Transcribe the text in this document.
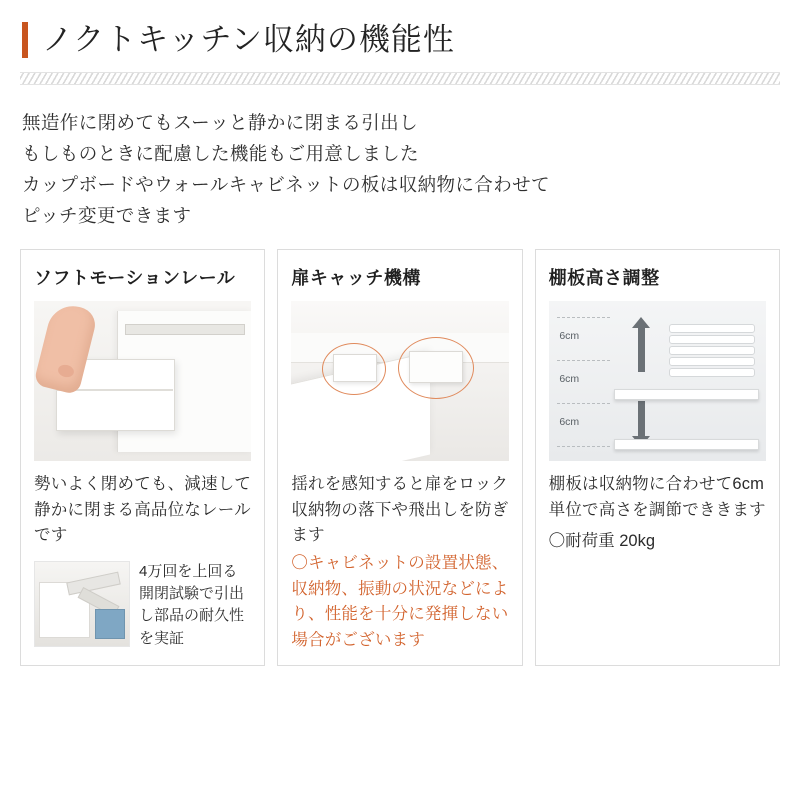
ノクトキッチン収納の機能性
無造作に閉めてもスーッと静かに閉まる引出し
もしものときに配慮した機能もご用意しました
カップボードやウォールキャビネットの板は収納物に合わせて
ピッチ変更できます
ソフトモーションレール
勢いよく閉めても、減速して静かに閉まる高品位なレールです
4万回を上回る開閉試験で引出し部品の耐久性を実証
扉キャッチ機構
揺れを感知すると扉をロック収納物の落下や飛出しを防ぎます
〇キャビネットの設置状態、収納物、振動の状況などにより、性能を十分に発揮しない場合がございます
棚板高さ調整
6cm
6cm
6cm
棚板は収納物に合わせて6cm単位で高さを調節でききます
〇耐荷重 20kg
